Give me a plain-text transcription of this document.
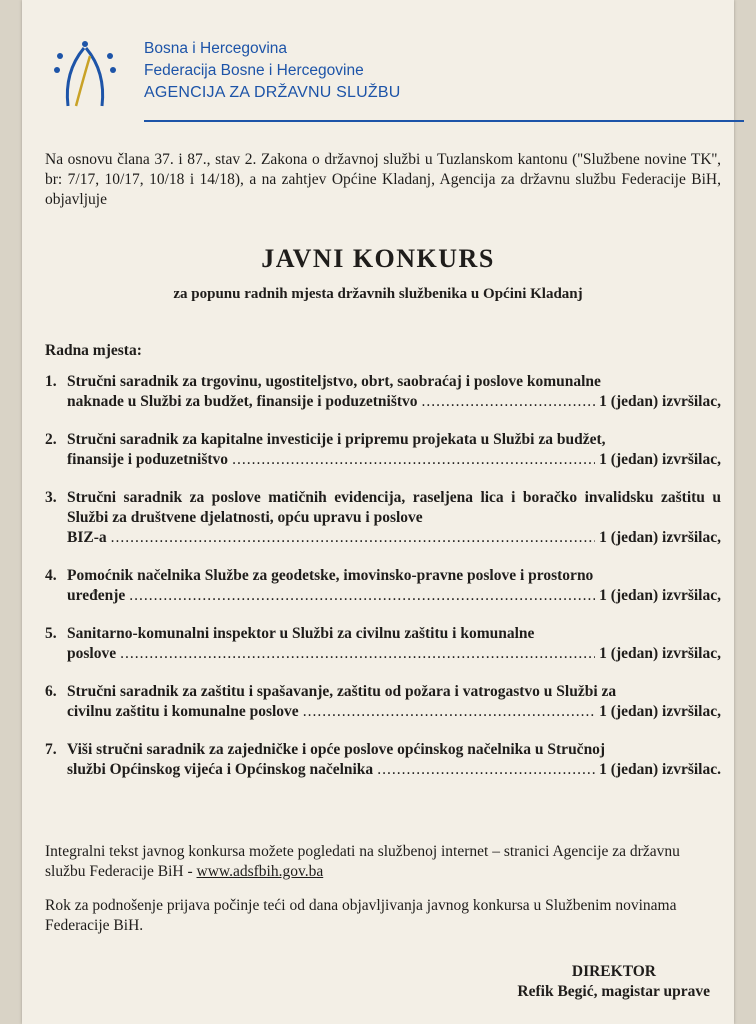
Bosna i Hercegovina
Federacija Bosne i Hercegovine
AGENCIJA ZA DRŽAVNU SLUŽBU
Na osnovu člana 37. i 87., stav 2. Zakona o državnoj službi u Tuzlanskom kantonu (''Službene novine TK'', br: 7/17, 10/17, 10/18 i 14/18), a na zahtjev Općine Kladanj, Agencija za državnu službu Federacije BiH, objavljuje
JAVNI KONKURS
za popunu radnih mjesta državnih službenika u Općini Kladanj
Radna mjesta:
1. Stručni saradnik za trgovinu, ugostiteljstvo, obrt, saobraćaj i poslove komunalne
naknade u Službi za budžet, finansije i poduzetništvo .....	1 (jedan) izvršilac,
2. Stručni saradnik za kapitalne investicije i pripremu projekata u Službi za budžet,
finansije i poduzetništvo .....	1 (jedan) izvršilac,
3. Stručni saradnik za poslove matičnih evidencija, raseljena lica i boračko invalidsku zaštitu u Službi za društvene djelatnosti, opću upravu i poslove
BIZ-a .....	1 (jedan) izvršilac,
4. Pomoćnik načelnika Službe za geodetske, imovinsko-pravne poslove i prostorno
uređenje .....	1 (jedan) izvršilac,
5. Sanitarno-komunalni inspektor u Službi za civilnu zaštitu i komunalne
poslove .....	1 (jedan) izvršilac,
6. Stručni saradnik za zaštitu i spašavanje, zaštitu od požara i vatrogastvo u Službi za
civilnu zaštitu i komunalne poslove .....	1 (jedan) izvršilac,
7. Viši stručni saradnik za zajedničke i opće poslove općinskog načelnika u Stručnoj
službi Općinskog vijeća i Općinskog načelnika .....	1 (jedan) izvršilac.
Integralni tekst javnog konkursa možete pogledati na službenoj internet – stranici Agencije za državnu službu Federacije BiH - www.adsfbih.gov.ba
Rok za podnošenje prijava počinje teći od dana objavljivanja javnog konkursa u Službenim novinama Federacije BiH.
DIREKTOR
Refik Begić, magistar uprave
